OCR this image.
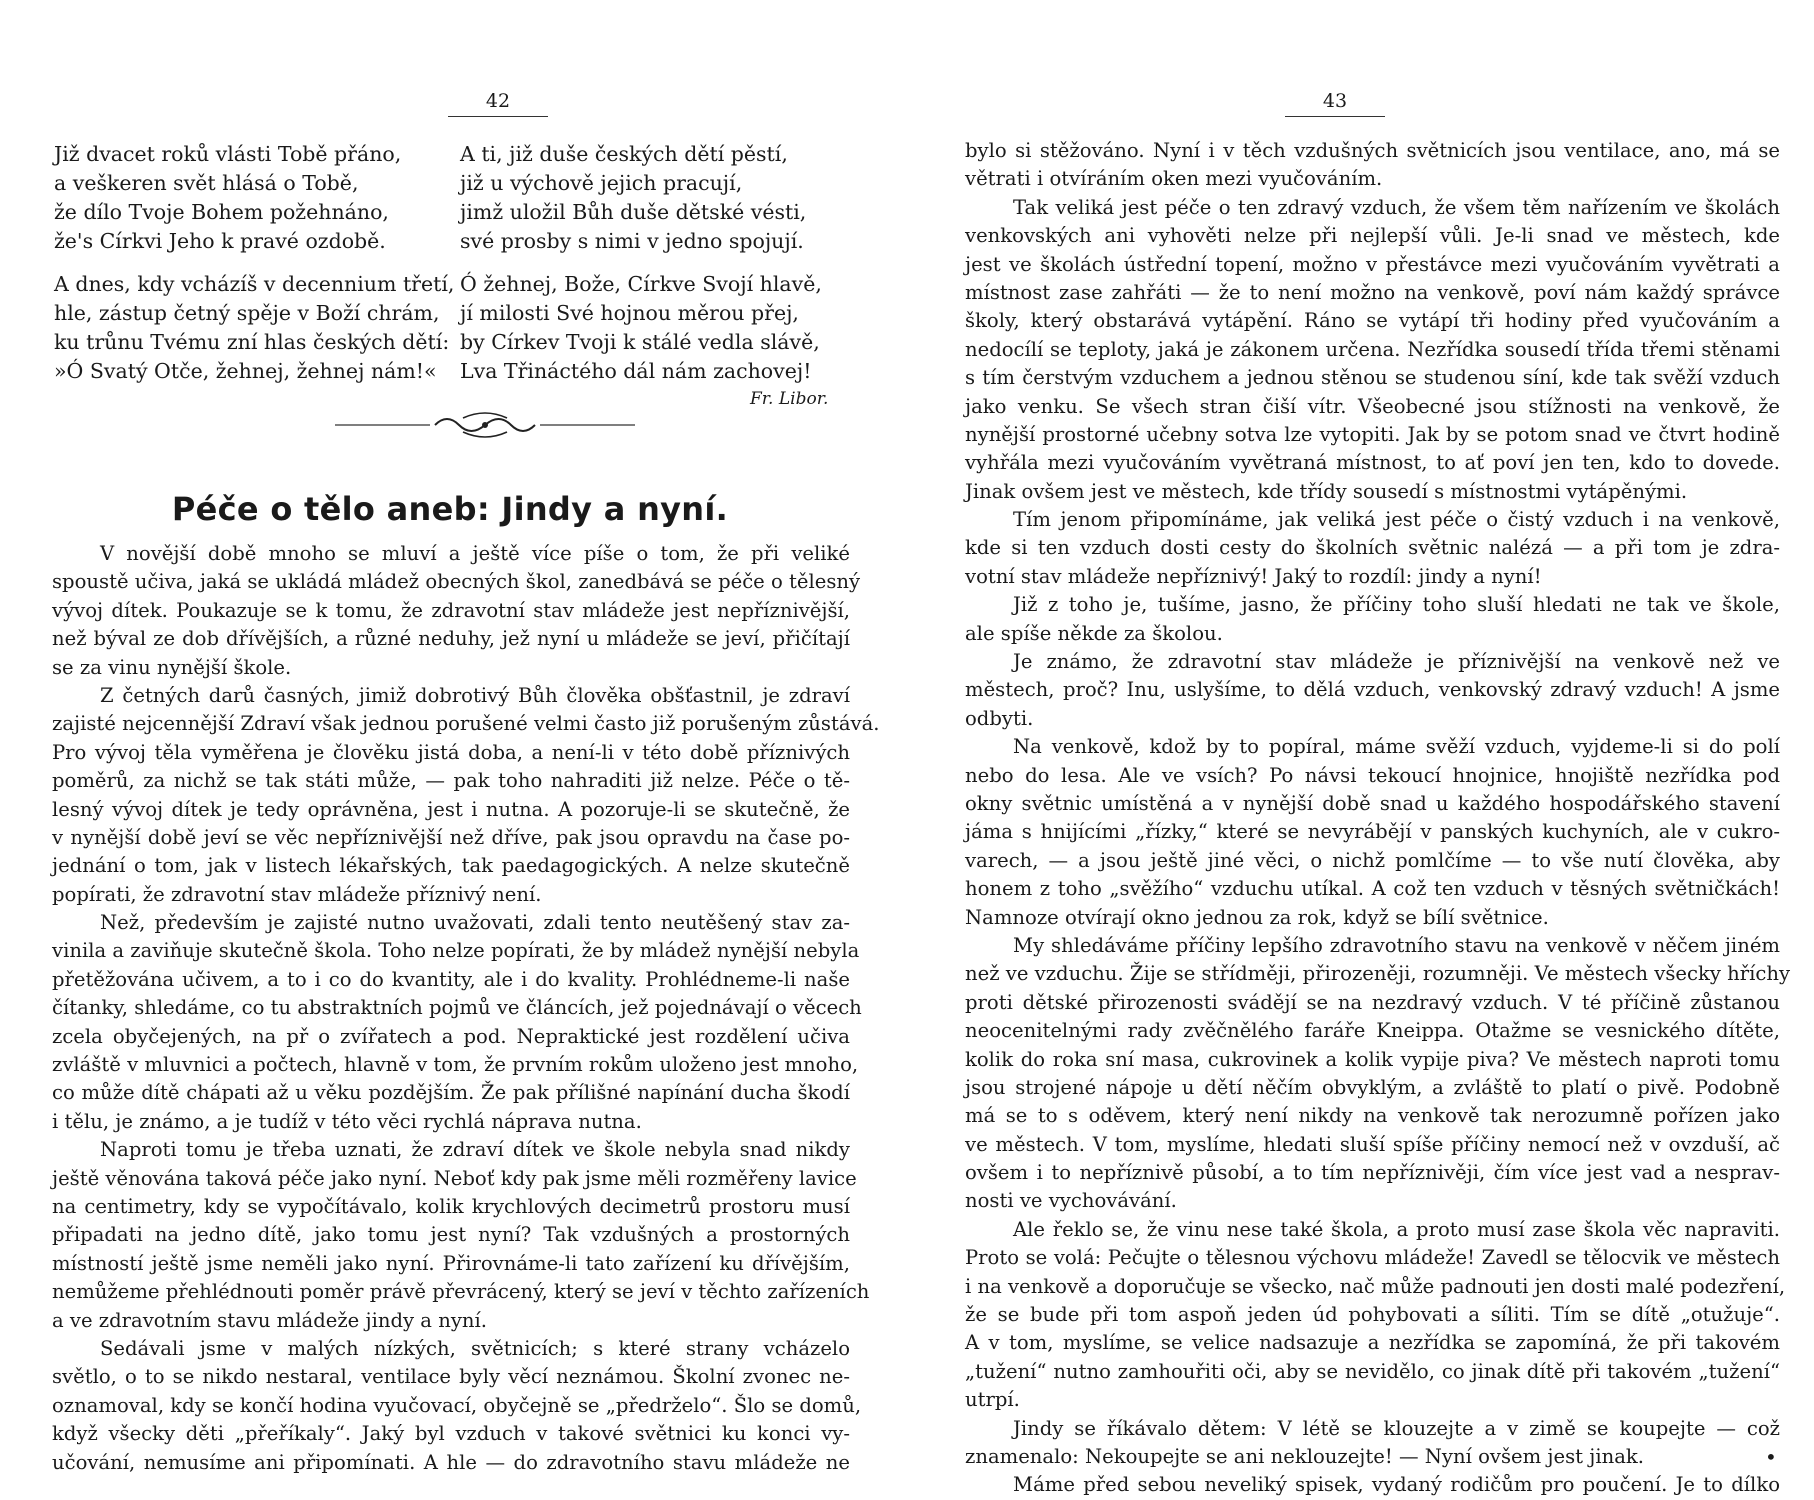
42
Již dvacet roků vlásti Tobě přáno,
a veškeren svět hlásá o Tobě,
že dílo Tvoje Bohem požehnáno,
že's Církvi Jeho k pravé ozdobě.
A ti, již duše českých dětí pěstí,
již u výchově jejich pracují,
jimž uložil Bůh duše dětské vésti,
své prosby s nimi v jedno spojují.
A dnes, kdy vcházíš v decennium třetí,
hle, zástup četný spěje v Boží chrám,
ku trůnu Tvému zní hlas českých dětí:
»Ó Svatý Otče, žehnej, žehnej nám!«
Ó žehnej, Bože, Církve Svojí hlavě,
jí milosti Své hojnou měrou přej,
by Církev Tvoji k stálé vedla slávě,
Lva Třináctého dál nám zachovej!
Fr. Libor.
Péče o tělo aneb: Jindy a nyní.
V novější době mnoho se mluví a ještě více píše o tom, že při veliké
spoustě učiva, jaká se ukládá mládež obecných škol, zanedbává se péče o tělesný
vývoj dítek. Poukazuje se k tomu, že zdravotní stav mládeže jest nepříznivější,
než býval ze dob dřívějších, a různé neduhy, jež nyní u mládeže se jeví, přičítají
se za vinu nynější škole.
Z četných darů časných, jimiž dobrotivý Bůh člověka obšťastnil, je zdraví
zajisté nejcennější Zdraví však jednou porušené velmi často již porušeným zůstává.
Pro vývoj těla vyměřena je člověku jistá doba, a není-li v této době příznivých
poměrů, za nichž se tak státi může, — pak toho nahraditi již nelze. Péče o tě-
lesný vývoj dítek je tedy oprávněna, jest i nutna. A pozoruje-li se skutečně, že
v nynější době jeví se věc nepříznivější než dříve, pak jsou opravdu na čase po-
jednání o tom, jak v listech lékařských, tak paedagogických. A nelze skutečně
popírati, že zdravotní stav mládeže příznivý není.
Než, především je zajisté nutno uvažovati, zdali tento neutěšený stav za-
vinila a zaviňuje skutečně škola. Toho nelze popírati, že by mládež nynější nebyla
přetěžována učivem, a to i co do kvantity, ale i do kvality. Prohlédneme-li naše
čítanky, shledáme, co tu abstraktních pojmů ve článcích, jež pojednávají o věcech
zcela obyčejených, na př o zvířatech a pod. Nepraktické jest rozdělení učiva
zvláště v mluvnici a počtech, hlavně v tom, že prvním rokům uloženo jest mnoho,
co může dítě chápati až u věku pozdějším. Že pak přílišné napínání ducha škodí
i tělu, je známo, a je tudíž v této věci rychlá náprava nutna.
Naproti tomu je třeba uznati, že zdraví dítek ve škole nebyla snad nikdy
ještě věnována taková péče jako nyní. Neboť kdy pak jsme měli rozměřeny lavice
na centimetry, kdy se vypočítávalo, kolik krychlových decimetrů prostoru musí
připadati na jedno dítě, jako tomu jest nyní? Tak vzdušných a prostorných
místností ještě jsme neměli jako nyní. Přirovnáme-li tato zařízení ku dřívějším,
nemůžeme přehlédnouti poměr právě převrácený, který se jeví v těchto zařízeních
a ve zdravotním stavu mládeže jindy a nyní.
Sedávali jsme v malých nízkých, světnicích; s které strany vcházelo
světlo, o to se nikdo nestaral, ventilace byly věcí neznámou. Školní zvonec ne-
oznamoval, kdy se končí hodina vyučovací, obyčejně se „předrželo“. Šlo se domů,
když všecky děti „přeříkaly“. Jaký byl vzduch v takové světnici ku konci vy-
učování, nemusíme ani připomínati. A hle — do zdravotního stavu mládeže ne
43
bylo si stěžováno. Nyní i v těch vzdušných světnicích jsou ventilace, ano, má se
větrati i otvíráním oken mezi vyučováním.
Tak veliká jest péče o ten zdravý vzduch, že všem těm nařízením ve školách
venkovských ani vyhověti nelze při nejlepší vůli. Je-li snad ve městech, kde
jest ve školách ústřední topení, možno v přestávce mezi vyučováním vyvětrati a
místnost zase zahřáti — že to není možno na venkově, poví nám každý správce
školy, který obstarává vytápění. Ráno se vytápí tři hodiny před vyučováním a
nedocílí se teploty, jaká je zákonem určena. Nezřídka sousedí třída třemi stěnami
s tím čerstvým vzduchem a jednou stěnou se studenou síní, kde tak svěží vzduch
jako venku. Se všech stran čiší vítr. Všeobecné jsou stížnosti na venkově, že
nynější prostorné učebny sotva lze vytopiti. Jak by se potom snad ve čtvrt hodině
vyhřála mezi vyučováním vyvětraná místnost, to ať poví jen ten, kdo to dovede.
Jinak ovšem jest ve městech, kde třídy sousedí s místnostmi vytápěnými.
Tím jenom připomínáme, jak veliká jest péče o čistý vzduch i na venkově,
kde si ten vzduch dosti cesty do školních světnic nalézá — a při tom je zdra-
votní stav mládeže nepříznivý! Jaký to rozdíl: jindy a nyní!
Již z toho je, tušíme, jasno, že příčiny toho sluší hledati ne tak ve škole,
ale spíše někde za školou.
Je známo, že zdravotní stav mládeže je příznivější na venkově než ve
městech, proč? Inu, uslyšíme, to dělá vzduch, venkovský zdravý vzduch! A jsme
odbyti.
Na venkově, kdož by to popíral, máme svěží vzduch, vyjdeme-li si do polí
nebo do lesa. Ale ve vsích? Po návsi tekoucí hnojnice, hnojiště nezřídka pod
okny světnic umístěná a v nynější době snad u každého hospodářského stavení
jáma s hnijícími „řízky,“ které se nevyrábějí v panských kuchyních, ale v cukro-
varech, — a jsou ještě jiné věci, o nichž pomlčíme — to vše nutí člověka, aby
honem z toho „svěžího“ vzduchu utíkal. A což ten vzduch v těsných světničkách!
Namnoze otvírají okno jednou za rok, když se bílí světnice.
My shledáváme příčiny lepšího zdravotního stavu na venkově v něčem jiném
než ve vzduchu. Žije se střídměji, přirozeněji, rozumněji. Ve městech všecky hříchy
proti dětské přirozenosti svádějí se na nezdravý vzduch. V té příčině zůstanou
neocenitelnými rady zvěčnělého faráře Kneippa. Otažme se vesnického dítěte,
kolik do roka sní masa, cukrovinek a kolik vypije piva? Ve městech naproti tomu
jsou strojené nápoje u dětí něčím obvyklým, a zvláště to platí o pivě. Podobně
má se to s oděvem, který není nikdy na venkově tak nerozumně pořízen jako
ve městech. V tom, myslíme, hledati sluší spíše příčiny nemocí než v ovzduší, ač
ovšem i to nepříznivě působí, a to tím nepříznivěji, čím více jest vad a nesprav-
nosti ve vychovávání.
Ale řeklo se, že vinu nese také škola, a proto musí zase škola věc napraviti.
Proto se volá: Pečujte o tělesnou výchovu mládeže! Zavedl se tělocvik ve městech
i na venkově a doporučuje se všecko, nač může padnouti jen dosti malé podezření,
že se bude při tom aspoň jeden úd pohybovati a síliti. Tím se dítě „otužuje“.
A v tom, myslíme, se velice nadsazuje a nezřídka se zapomíná, že při takovém
„tužení“ nutno zamhouřiti oči, aby se nevidělo, co jinak dítě při takovém „tužení“
utrpí.
Jindy se říkávalo dětem: V létě se klouzejte a v zimě se koupejte — což
znamenalo: Nekoupejte se ani neklouzejte! — Nyní ovšem jest jinak.
Máme před sebou neveliký spisek, vydaný rodičům pro poučení. Je to dílko
•
